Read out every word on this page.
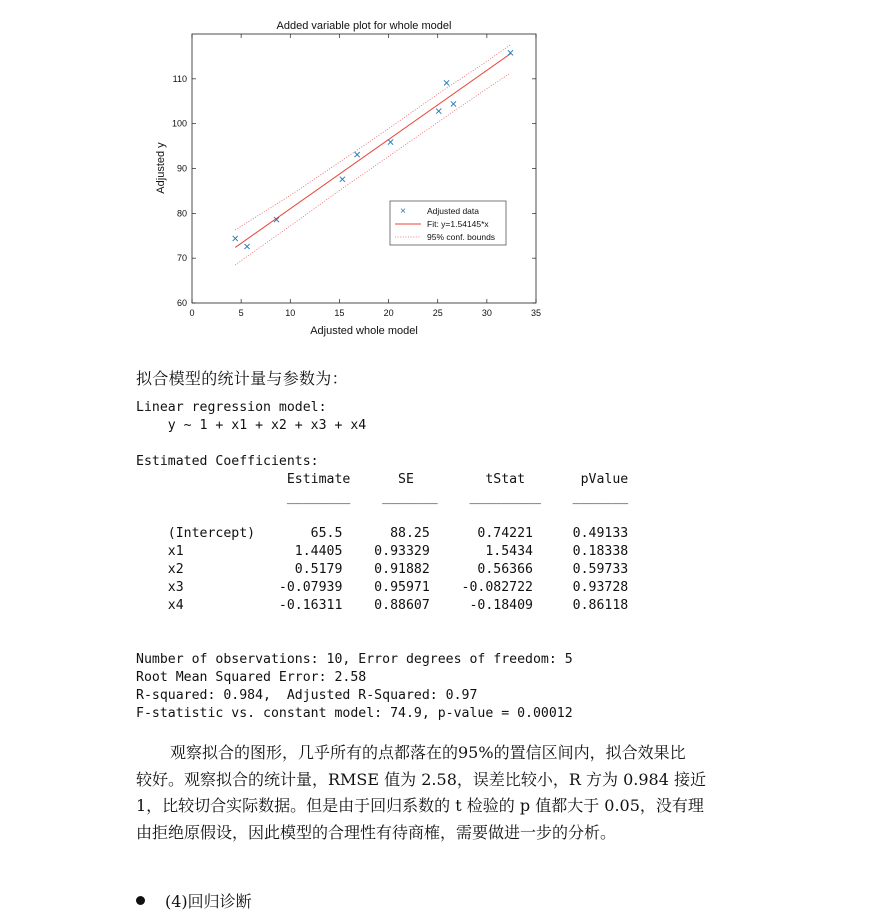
Added variable plot for whole model
0	5	10	15	20	25	30	35
60
70
80
90
100
110
Adjusted whole model
Adjusted y
× Adjusted data
Fit: y=1.54145*x
95% conf. bounds
拟合模型的统计量与参数为：
Linear regression model:
y ~ 1 + x1 + x2 + x3 + x4
Estimated Coefficients:
Estimate      SE         tStat       pValue
________    _______    _________    _______

(Intercept)       65.5      88.25      0.74221     0.49133
x1              1.4405    0.93329       1.5434     0.18338
x2              0.5179    0.91882      0.56366     0.59733
x3            -0.07939    0.95971    -0.082722     0.93728
x4            -0.16311    0.88607     -0.18409     0.86118
Number of observations: 10, Error degrees of freedom: 5
Root Mean Squared Error: 2.58
R-squared: 0.984,  Adjusted R-Squared: 0.97
F-statistic vs. constant model: 74.9, p-value = 0.00012
观察拟合的图形，几乎所有的点都落在的95%的置信区间内，拟合效果比
较好。观察拟合的统计量，RMSE 值为 2.58，误差比较小，R 方为 0.984 接近
1，比较切合实际数据。但是由于回归系数的 t 检验的 p 值都大于 0.05，没有理
由拒绝原假设，因此模型的合理性有待商榷，需要做进一步的分析。
(4)回归诊断
